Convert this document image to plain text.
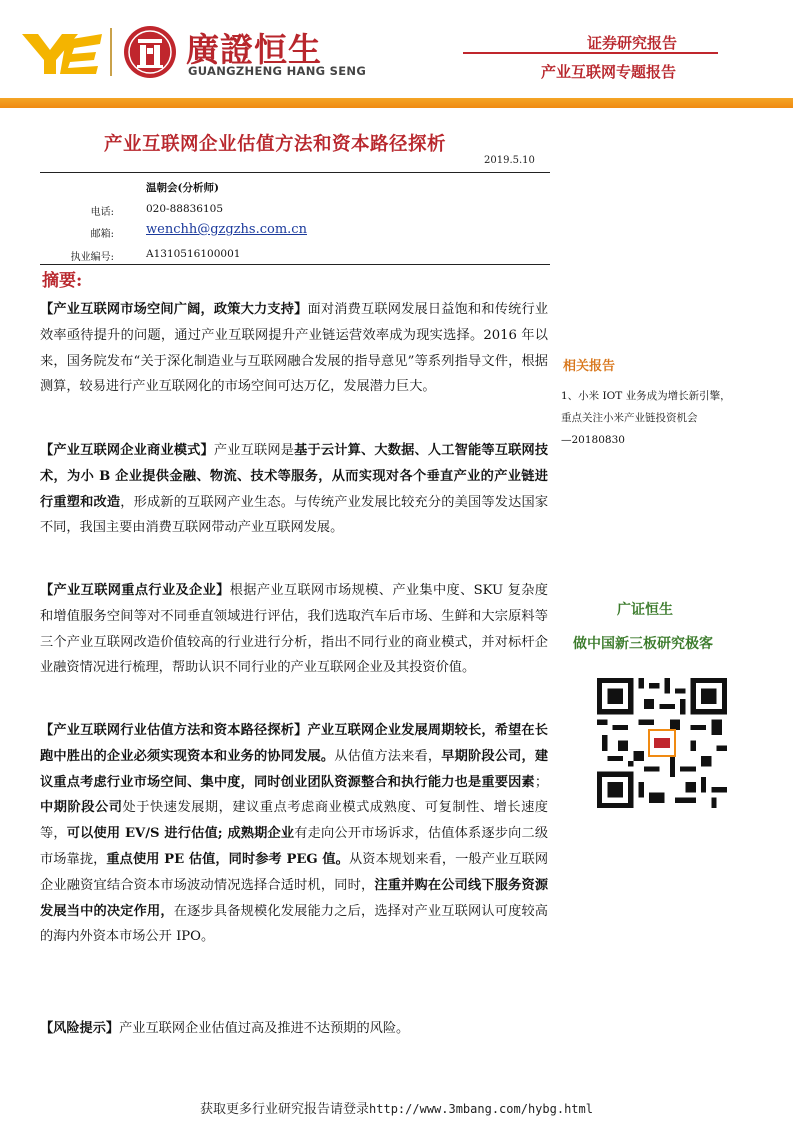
廣證恒生
GUANGZHENG HANG SENG
证券研究报告
产业互联网专题报告
产业互联网企业估值方法和资本路径探析
2019.5.10
温朝会(分析师)
电话:	020-88836105
邮箱: wenchh@gzgzhs.com.cn
执业编号:	A1310516100001
摘要:
【产业互联网市场空间广阔，政策大力支持】面对消费互联网发展日益饱和和传统行业效率亟待提升的问题，通过产业互联网提升产业链运营效率成为现实选择。2016 年以来，国务院发布“关于深化制造业与互联网融合发展的指导意见”等系列指导文件，根据测算，较易进行产业互联网化的市场空间可达万亿，发展潜力巨大。
【产业互联网企业商业模式】产业互联网是基于云计算、大数据、人工智能等互联网技术，为小 B 企业提供金融、物流、技术等服务，从而实现对各个垂直产业的产业链进行重塑和改造，形成新的互联网产业生态。与传统产业发展比较充分的美国等发达国家不同，我国主要由消费互联网带动产业互联网发展。
【产业互联网重点行业及企业】根据产业互联网市场规模、产业集中度、SKU 复杂度和增值服务空间等对不同垂直领域进行评估，我们选取汽车后市场、生鲜和大宗原料等三个产业互联网改造价值较高的行业进行分析，指出不同行业的商业模式，并对标杆企业融资情况进行梳理，帮助认识不同行业的产业互联网企业及其投资价值。
【产业互联网行业估值方法和资本路径探析】产业互联网企业发展周期较长，希望在长跑中胜出的企业必须实现资本和业务的协同发展。从估值方法来看，早期阶段公司，建议重点考虑行业市场空间、集中度，同时创业团队资源整合和执行能力也是重要因素；中期阶段公司处于快速发展期，建议重点考虑商业模式成熟度、可复制性、增长速度等，可以使用 EV/S 进行估值; 成熟期企业有走向公开市场诉求，估值体系逐步向二级市场靠拢，重点使用 PE 估值，同时参考 PEG 值。从资本规划来看，一般产业互联网企业融资宜结合资本市场波动情况选择合适时机，同时，注重并购在公司线下服务资源发展当中的决定作用，在逐步具备规模化发展能力之后，选择对产业互联网认可度较高的海内外资本市场公开 IPO。
【风险提示】产业互联网企业估值过高及推进不达预期的风险。
相关报告
1、小米 IOT 业务成为增长新引擎，
重点关注小米产业链投资机会
—20180830
广证恒生
做中国新三板研究极客
获取更多行业研究报告请登录http://www.3mbang.com/hybg.html
